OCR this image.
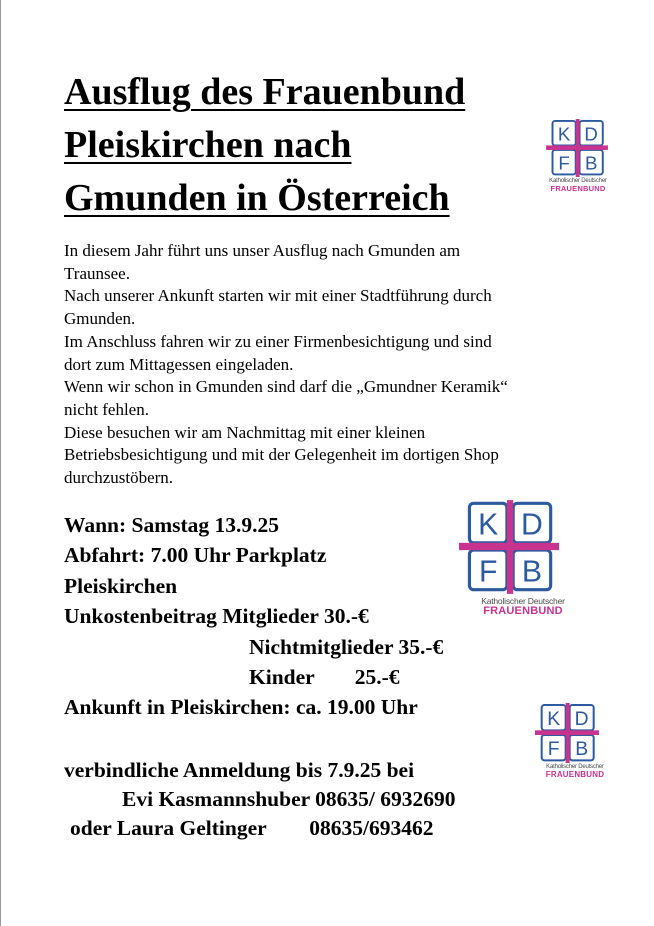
Ausflug des Frauenbund
Pleiskirchen nach
Gmunden in Österreich
K D
F B
Katholischer Deutscher
FRAUENBUND
In diesem Jahr führt uns unser Ausflug nach Gmunden am
Traunsee.
Nach unserer Ankunft starten wir mit einer Stadtführung durch
Gmunden.
Im Anschluss fahren wir zu einer Firmenbesichtigung und sind
dort zum Mittagessen eingeladen.
Wenn wir schon in Gmunden sind darf die „Gmundner Keramik“
nicht fehlen.
Diese besuchen wir am Nachmittag mit einer kleinen
Betriebsbesichtigung und mit der Gelegenheit im dortigen Shop
durchzustöbern.
K D
F B
Katholischer Deutscher
FRAUENBUND
Wann: Samstag 13.9.25
Abfahrt: 7.00 Uhr Parkplatz
Pleiskirchen
Unkostenbeitrag Mitglieder 30.-€
Nichtmitglieder 35.-€
Kinder 25.-€
Ankunft in Pleiskirchen: ca. 19.00 Uhr
K D
F B
Katholischer Deutscher
FRAUENBUND
verbindliche Anmeldung bis 7.9.25 bei
Evi Kasmannshuber 08635/ 6932690
oder Laura Geltinger        08635/693462
